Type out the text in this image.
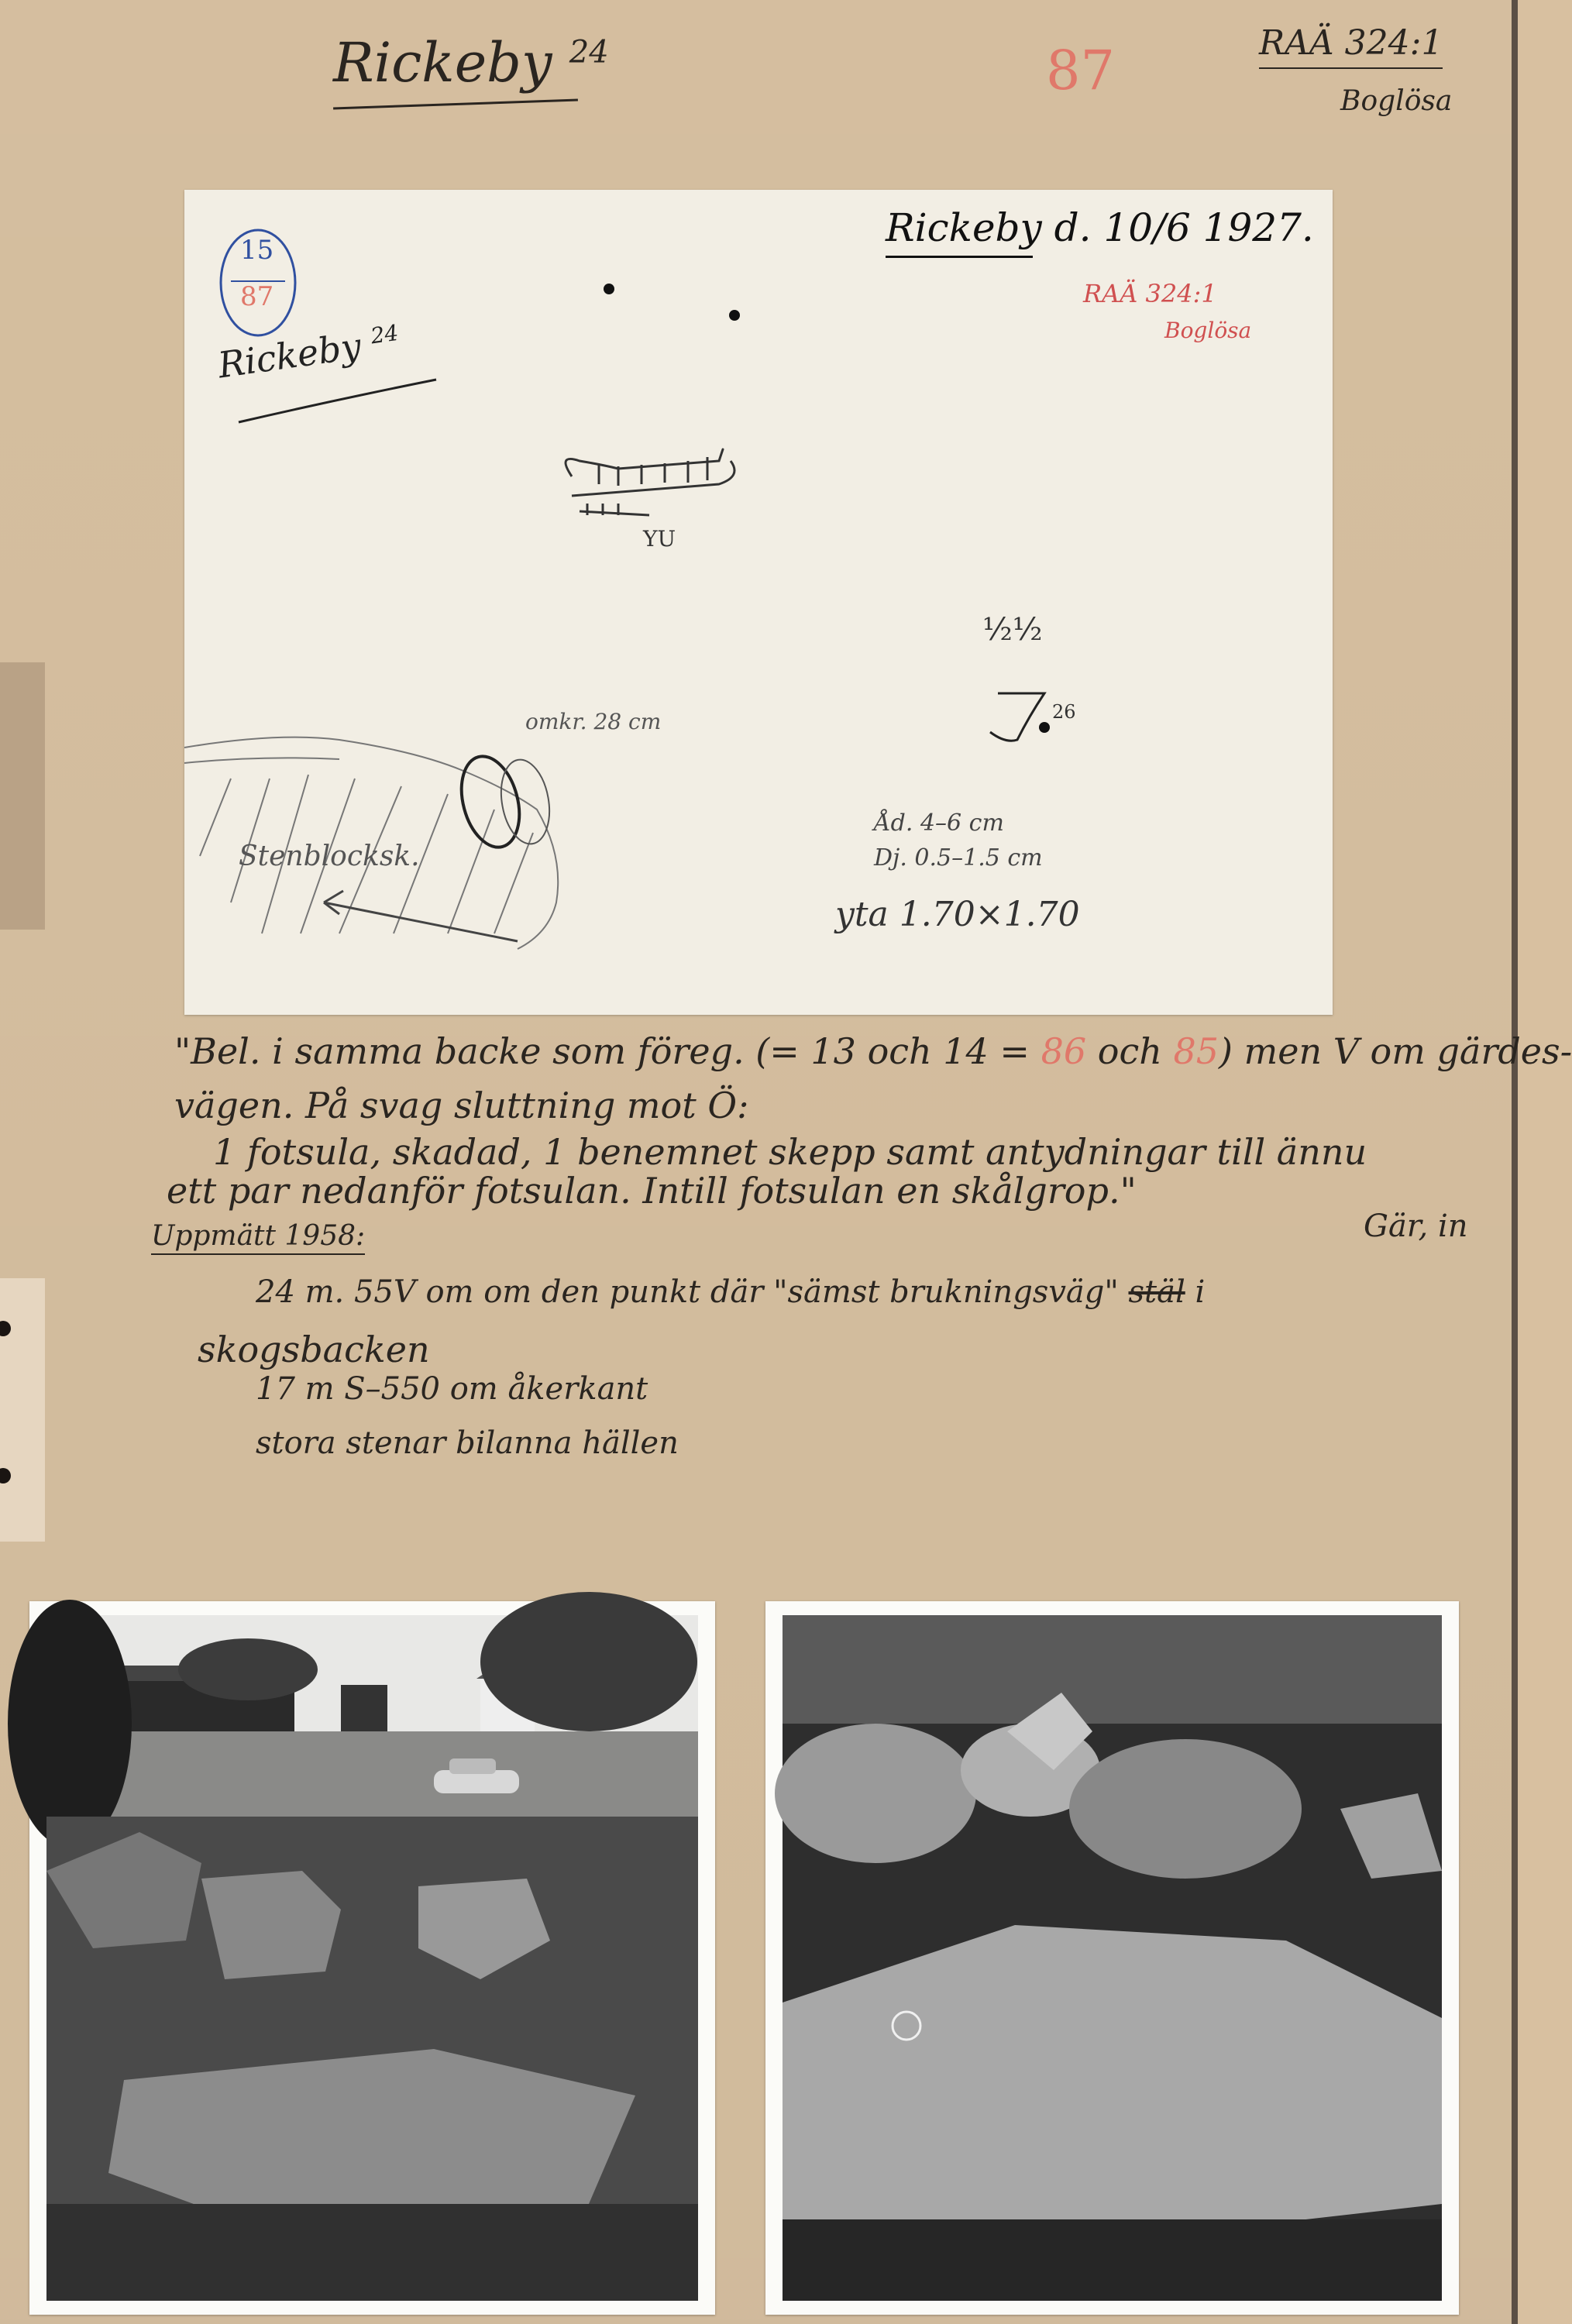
Rickeby $^{24}$	87	RAÄ 324:1
Boglösa
Rickeby d. 10/6 1927.
RAÄ 324:1
Boglösa
15
87
Rickeby $^{24}$
YU
½½
26
omkr. 28 cm
Stenblocksk.
Åd. 4–6 cm
Dj. 0.5–1.5 cm
yta 1.70×1.70
"Bel. i samma backe som föreg. (= 13 och 14 = 86 och 85) men V om gärdes-
vägen. På svag sluttning mot Ö:
1 fotsula, skadad, 1 benemnet skepp samt antydningar till ännu
ett par nedanför fotsulan. Intill fotsulan en skålgrop."
Uppmätt 1958:	Gär, in
24 m. 55V om om den punkt där "sämst brukningsväg" stäl i
skogsbacken
17 m S–550 om åkerkant
stora stenar bilanna hällen
